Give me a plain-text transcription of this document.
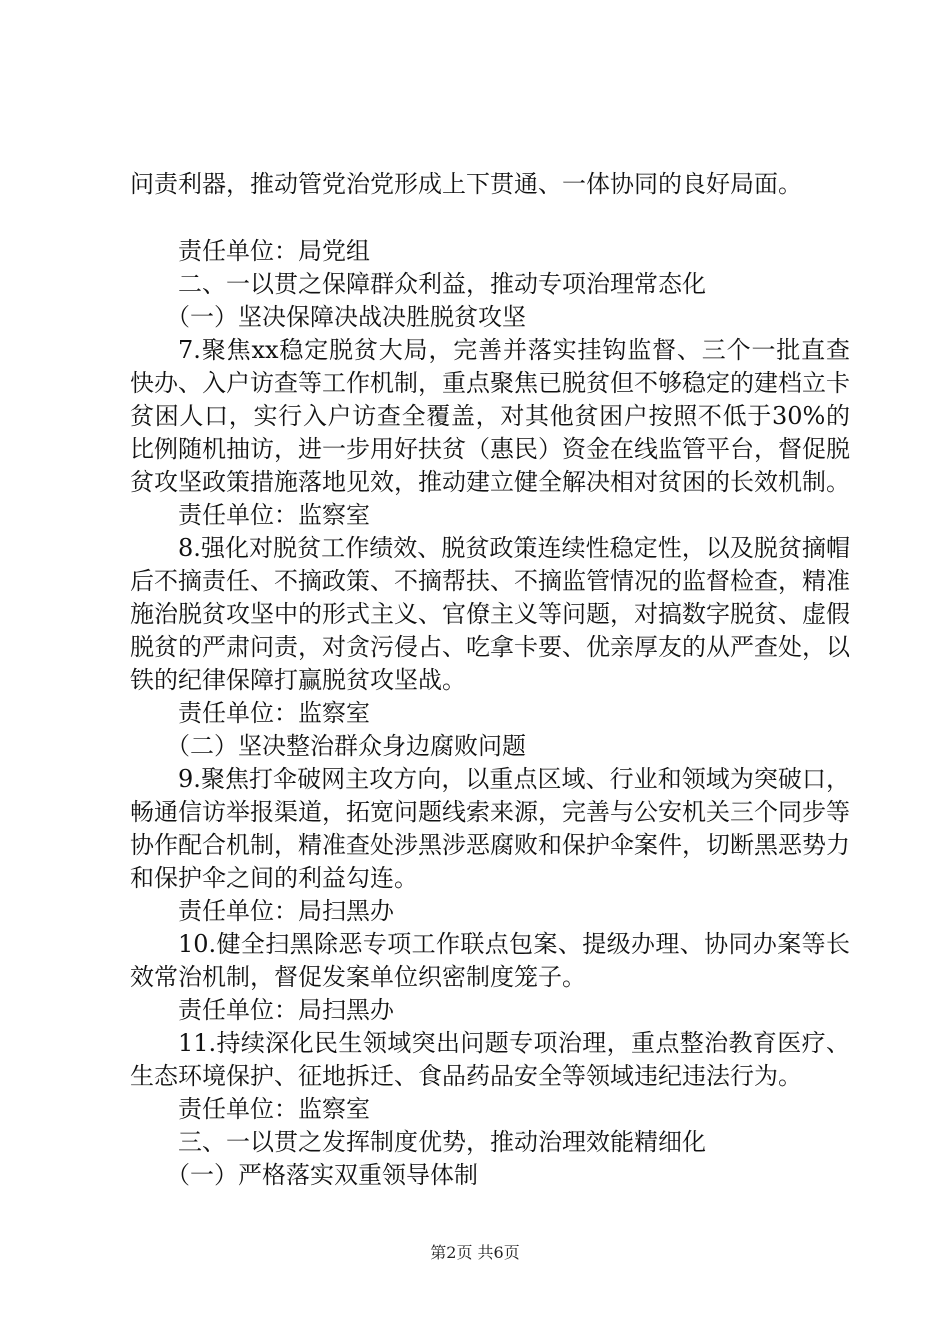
问责利器，推动管党治党形成上下贯通、一体协同的良好局面。

责任单位：局党组

二、一以贯之保障群众利益，推动专项治理常态化

（一）坚决保障决战决胜脱贫攻坚

7.聚焦xx稳定脱贫大局，完善并落实挂钩监督、三个一批直查快办、入户访查等工作机制，重点聚焦已脱贫但不够稳定的建档立卡贫困人口，实行入户访查全覆盖，对其他贫困户按照不低于30%的比例随机抽访，进一步用好扶贫（惠民）资金在线监管平台，督促脱贫攻坚政策措施落地见效，推动建立健全解决相对贫困的长效机制。

责任单位：监察室

8.强化对脱贫工作绩效、脱贫政策连续性稳定性，以及脱贫摘帽后不摘责任、不摘政策、不摘帮扶、不摘监管情况的监督检查，精准施治脱贫攻坚中的形式主义、官僚主义等问题，对搞数字脱贫、虚假脱贫的严肃问责，对贪污侵占、吃拿卡要、优亲厚友的从严查处，以铁的纪律保障打赢脱贫攻坚战。

责任单位：监察室

（二）坚决整治群众身边腐败问题

9.聚焦打伞破网主攻方向，以重点区域、行业和领域为突破口，畅通信访举报渠道，拓宽问题线索来源，完善与公安机关三个同步等协作配合机制，精准查处涉黑涉恶腐败和保护伞案件，切断黑恶势力和保护伞之间的利益勾连。

责任单位：局扫黑办

10.健全扫黑除恶专项工作联点包案、提级办理、协同办案等长效常治机制，督促发案单位织密制度笼子。

责任单位：局扫黑办

11.持续深化民生领域突出问题专项治理，重点整治教育医疗、生态环境保护、征地拆迁、食品药品安全等领域违纪违法行为。

责任单位：监察室

三、一以贯之发挥制度优势，推动治理效能精细化

（一）严格落实双重领导体制

第2页 共6页
